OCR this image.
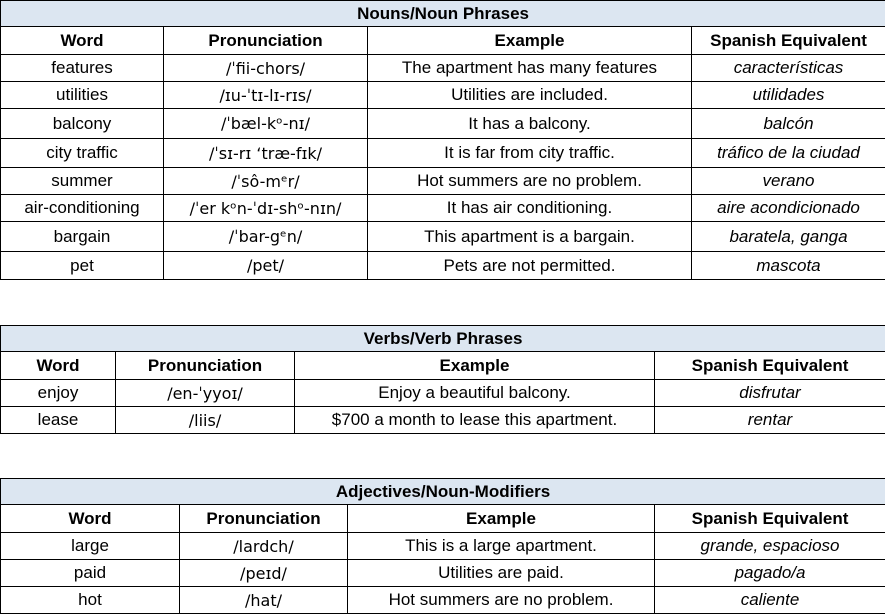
Nouns/Noun Phrases			
Word	Pronunciation	Example	Spanish Equivalent
features	/ˈfii-chors/	The apartment has many features	características
utilities	/ɪu-ˈtɪ-lɪ-rɪs/	Utilities are included.	utilidades
balcony	/ˈbæl-kᵒ-nɪ/	It has a balcony.	balcón
city traffic	/ˈsɪ-rɪ ‘træ-fɪk/	It is far from city traffic.	tráfico de la ciudad
summer	/ˈsô-mᵉr/	Hot summers are no problem.	verano
air-conditioning	/ˈer kᵒn-ˈdɪ-shᵒ-nɪn/	It has air conditioning.	aire acondicionado
bargain	/ˈbar-gᵉn/	This apartment is a bargain.	baratela, ganga
pet	/pet/	Pets are not permitted.	mascota
Verbs/Verb Phrases			
Word	Pronunciation	Example	Spanish Equivalent
enjoy	/en-ˈyyoɪ/	Enjoy a beautiful balcony.	disfrutar
lease	/liis/	$700 a month to lease this apartment.	rentar
Adjectives/Noun-Modifiers			
Word	Pronunciation	Example	Spanish Equivalent
large	/lardch/	This is a large apartment.	grande, espacioso
paid	/peɪd/	Utilities are paid.	pagado/a
hot	/hat/	Hot summers are no problem.	caliente
